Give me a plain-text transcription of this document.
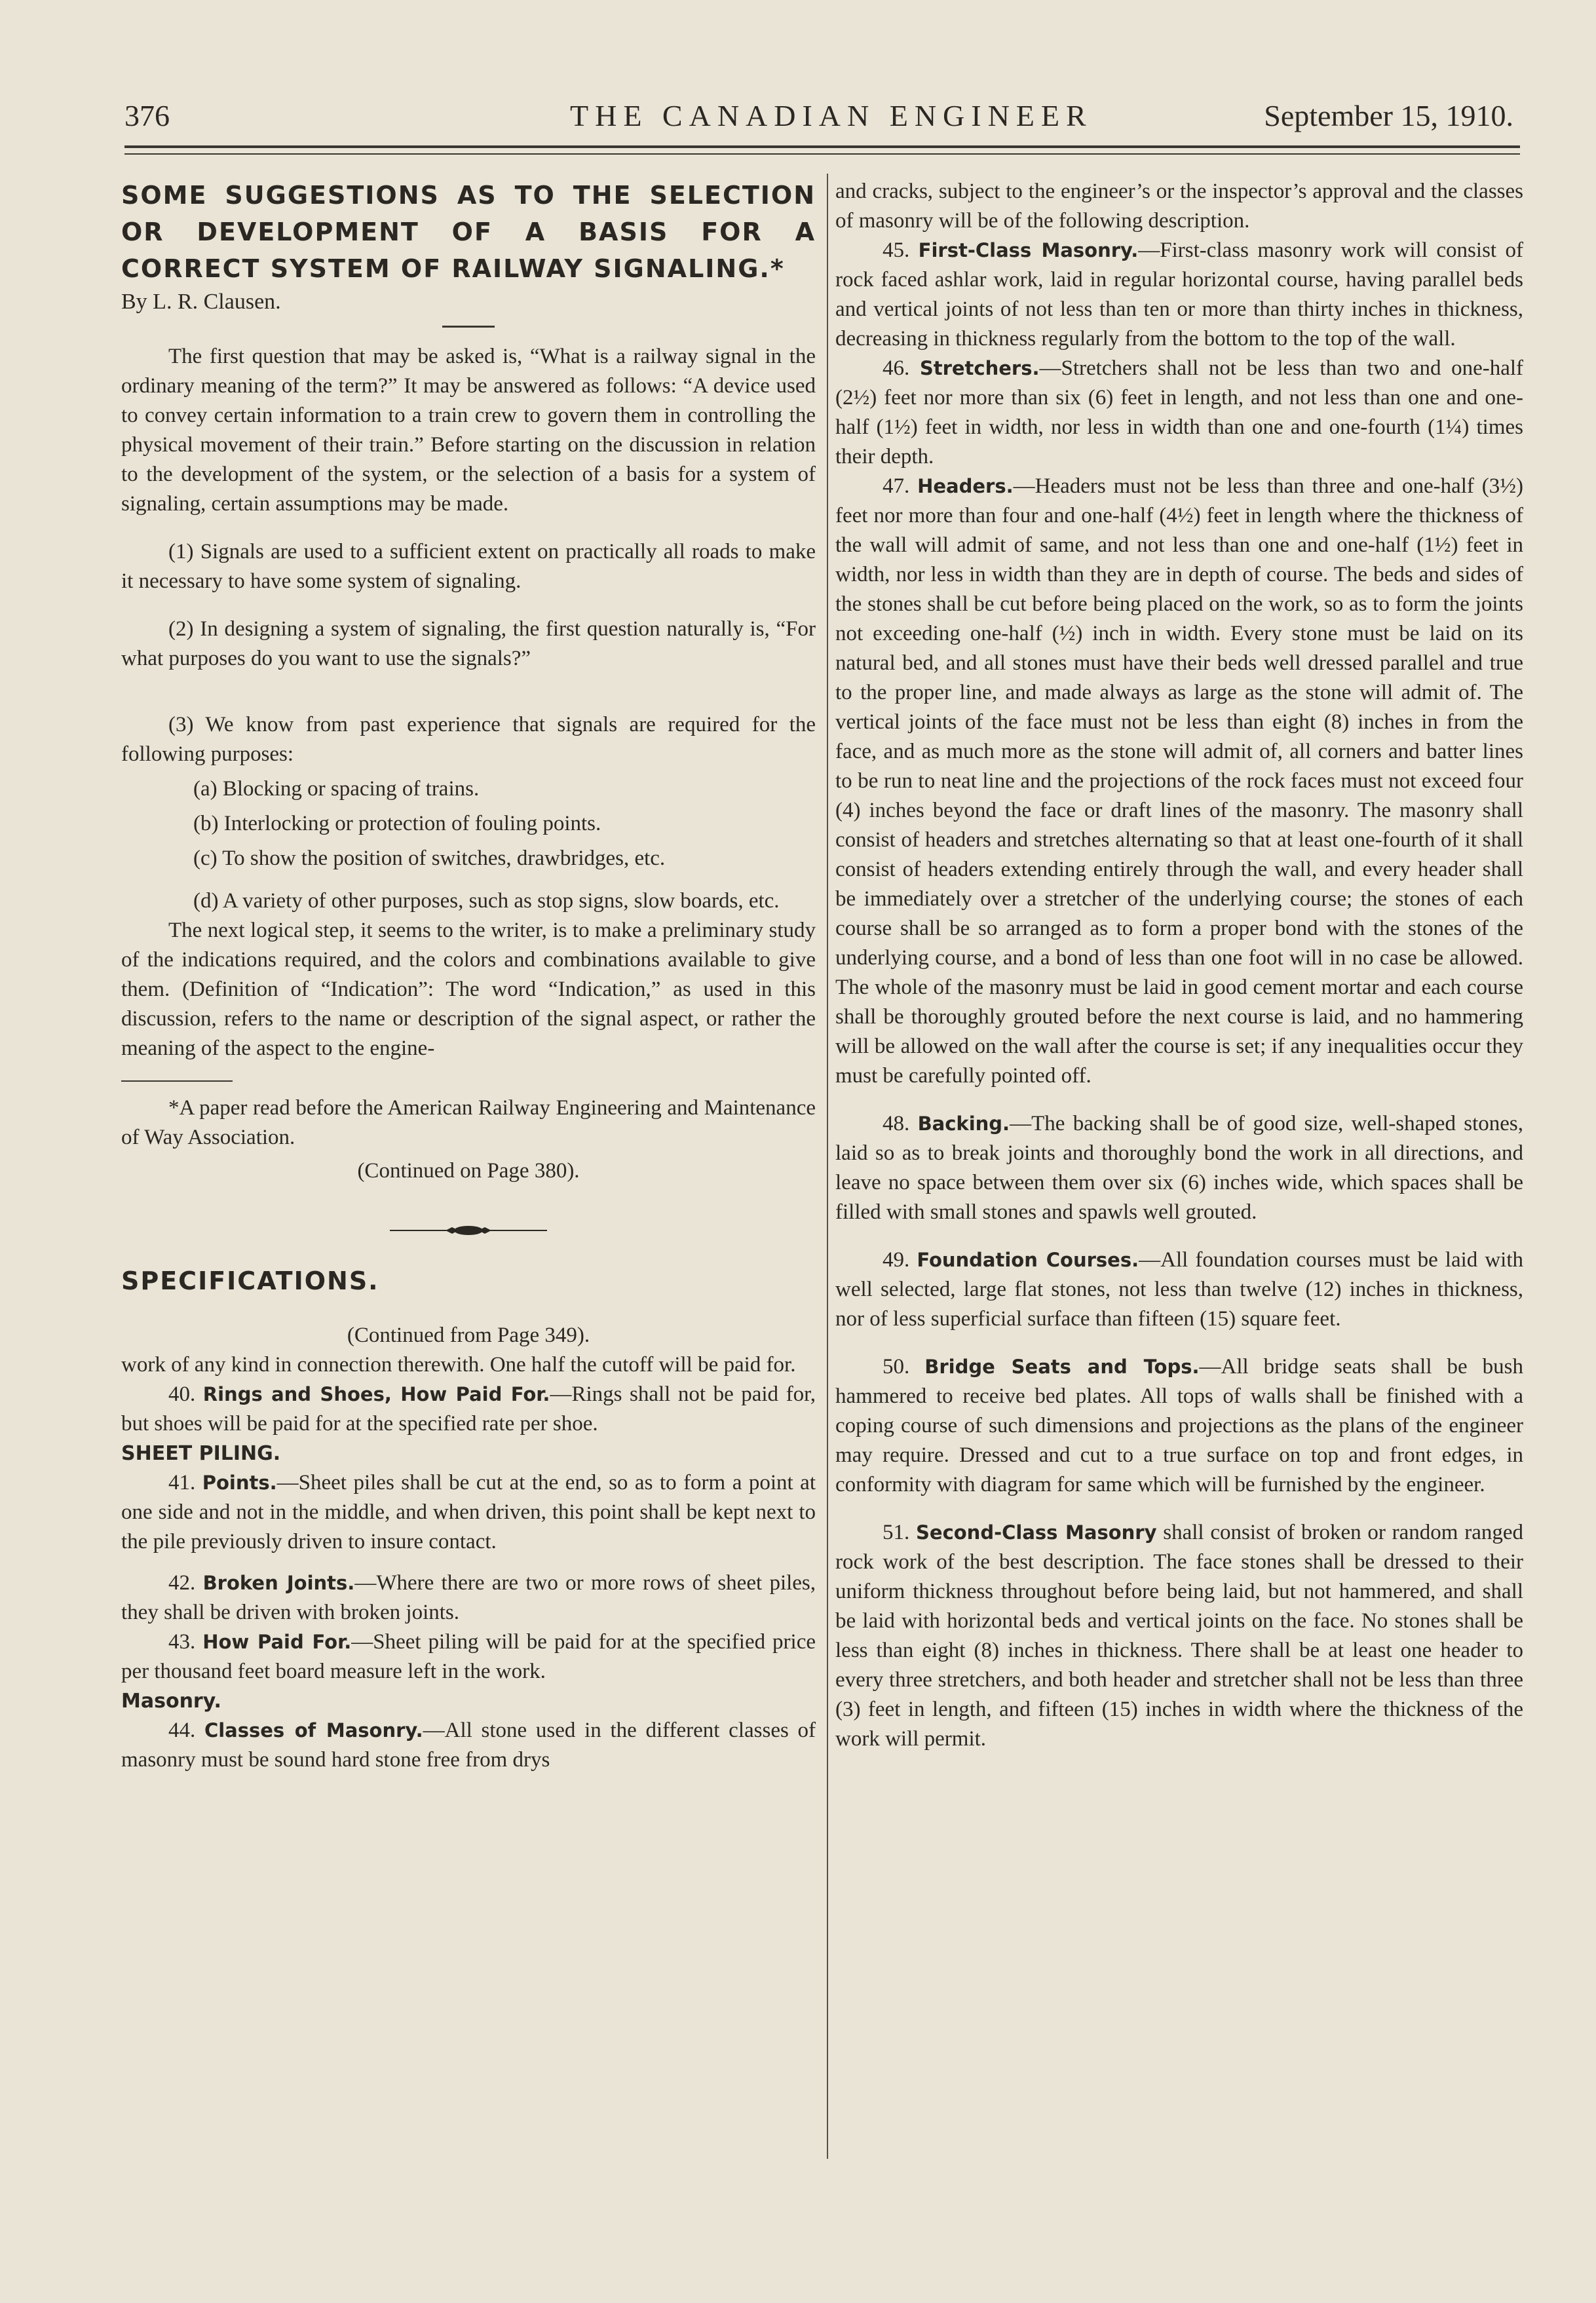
376	THE CANADIAN ENGINEER	September 15, 1910.

SOME SUGGESTIONS AS TO THE SELECTION OR DEVELOPMENT OF A BASIS FOR A CORRECT SYSTEM OF RAILWAY SIGNALING.*

By L. R. Clausen.

The first question that may be asked is, “What is a railway signal in the ordinary meaning of the term?” It may be answered as follows: “A device used to convey certain information to a train crew to govern them in controlling the physical movement of their train.” Before starting on the discussion in relation to the development of the system, or the selection of a basis for a system of signaling, certain assumptions may be made.

(1) Signals are used to a sufficient extent on practically all roads to make it necessary to have some system of signaling.

(2) In designing a system of signaling, the first question naturally is, “For what purposes do you want to use the signals?”

(3) We know from past experience that signals are required for the following purposes:

(a) Blocking or spacing of trains.

(b) Interlocking or protection of fouling points.

(c) To show the position of switches, drawbridges, etc.

(d) A variety of other purposes, such as stop signs, slow boards, etc.

The next logical step, it seems to the writer, is to make a preliminary study of the indications required, and the colors and combinations available to give them. (Definition of “Indication”: The word “Indication,” as used in this discussion, refers to the name or description of the signal aspect, or rather the meaning of the aspect to the engine-

*A paper read before the American Railway Engineering and Maintenance of Way Association.

(Continued on Page 380).

SPECIFICATIONS.

(Continued from Page 349).

work of any kind in connection therewith. One half the cutoff will be paid for.

40. Rings and Shoes, How Paid For.—Rings shall not be paid for, but shoes will be paid for at the specified rate per shoe.

SHEET PILING.

41. Points.—Sheet piles shall be cut at the end, so as to form a point at one side and not in the middle, and when driven, this point shall be kept next to the pile previously driven to insure contact.

42. Broken Joints.—Where there are two or more rows of sheet piles, they shall be driven with broken joints.

43. How Paid For.—Sheet piling will be paid for at the specified price per thousand feet board measure left in the work.

Masonry.

44. Classes of Masonry.—All stone used in the different classes of masonry must be sound hard stone free from drys

and cracks, subject to the engineer’s or the inspector’s approval and the classes of masonry will be of the following description.

45. First-Class Masonry.—First-class masonry work will consist of rock faced ashlar work, laid in regular horizontal course, having parallel beds and vertical joints of not less than ten or more than thirty inches in thickness, decreasing in thickness regularly from the bottom to the top of the wall.

46. Stretchers.—Stretchers shall not be less than two and one-half (2½) feet nor more than six (6) feet in length, and not less than one and one-half (1½) feet in width, nor less in width than one and one-fourth (1¼) times their depth.

47. Headers.—Headers must not be less than three and one-half (3½) feet nor more than four and one-half (4½) feet in length where the thickness of the wall will admit of same, and not less than one and one-half (1½) feet in width, nor less in width than they are in depth of course. The beds and sides of the stones shall be cut before being placed on the work, so as to form the joints not exceeding one-half (½) inch in width. Every stone must be laid on its natural bed, and all stones must have their beds well dressed parallel and true to the proper line, and made always as large as the stone will admit of. The vertical joints of the face must not be less than eight (8) inches in from the face, and as much more as the stone will admit of, all corners and batter lines to be run to neat line and the projections of the rock faces must not exceed four (4) inches beyond the face or draft lines of the masonry. The masonry shall consist of headers and stretches alternating so that at least one-fourth of it shall consist of headers extending entirely through the wall, and every header shall be immediately over a stretcher of the underlying course; the stones of each course shall be so arranged as to form a proper bond with the stones of the underlying course, and a bond of less than one foot will in no case be allowed. The whole of the masonry must be laid in good cement mortar and each course shall be thoroughly grouted before the next course is laid, and no hammering will be allowed on the wall after the course is set; if any inequalities occur they must be carefully pointed off.

48. Backing.—The backing shall be of good size, well-shaped stones, laid so as to break joints and thoroughly bond the work in all directions, and leave no space between them over six (6) inches wide, which spaces shall be filled with small stones and spawls well grouted.

49. Foundation Courses.—All foundation courses must be laid with well selected, large flat stones, not less than twelve (12) inches in thickness, nor of less superficial surface than fifteen (15) square feet.

50. Bridge Seats and Tops.—All bridge seats shall be bush hammered to receive bed plates. All tops of walls shall be finished with a coping course of such dimensions and projections as the plans of the engineer may require. Dressed and cut to a true surface on top and front edges, in conformity with diagram for same which will be furnished by the engineer.

51. Second-Class Masonry shall consist of broken or random ranged rock work of the best description. The face stones shall be dressed to their uniform thickness throughout before being laid, but not hammered, and shall be laid with horizontal beds and vertical joints on the face. No stones shall be less than eight (8) inches in thickness. There shall be at least one header to every three stretchers, and both header and stretcher shall not be less than three (3) feet in length, and fifteen (15) inches in width where the thickness of the work will permit.
